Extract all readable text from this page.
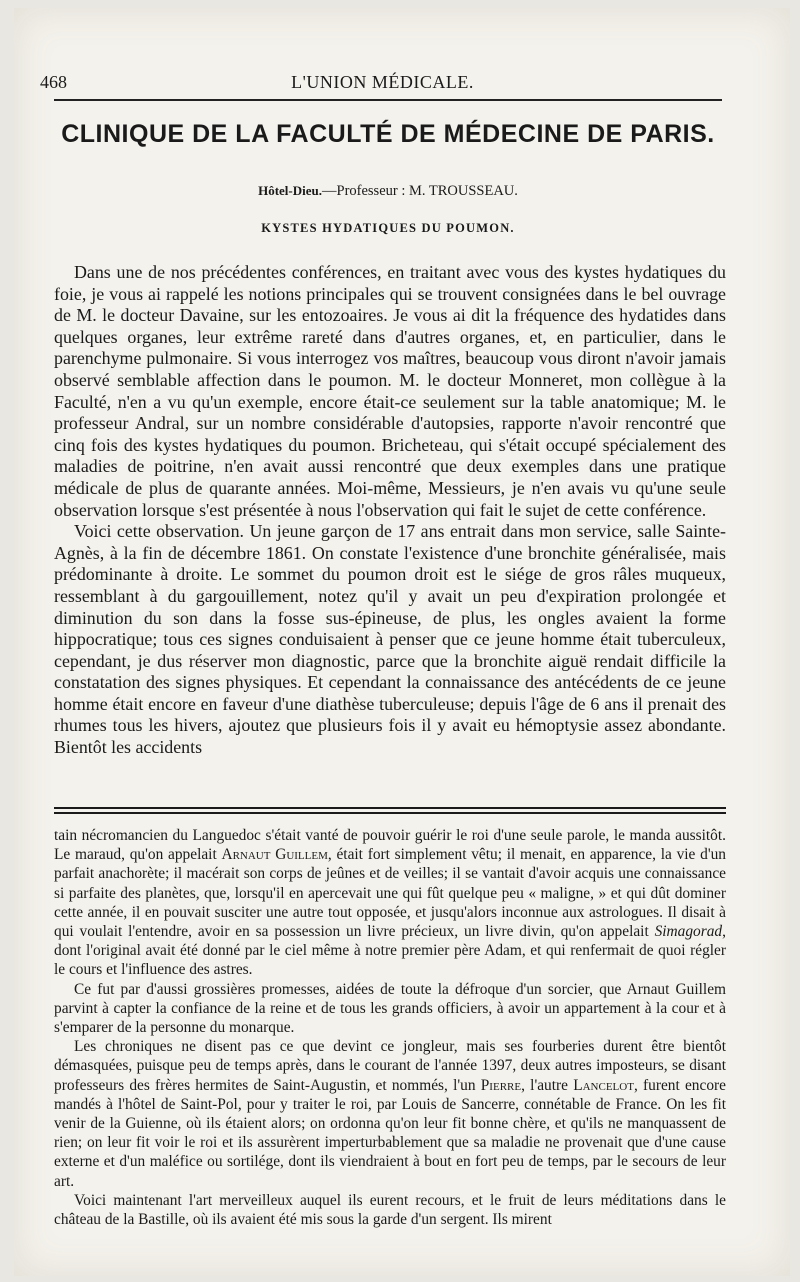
468	L'UNION MÉDICALE.
CLINIQUE DE LA FACULTÉ DE MÉDECINE DE PARIS.
Hôtel-Dieu.—Professeur : M. TROUSSEAU.
KYSTES HYDATIQUES DU POUMON.

Dans une de nos précédentes conférences, en traitant avec vous des kystes hydatiques du foie, je vous ai rappelé les notions principales qui se trouvent consignées dans le bel ouvrage de M. le docteur Davaine, sur les entozoaires. Je vous ai dit la fréquence des hydatides dans quelques organes, leur extrême rareté dans d'autres organes, et, en particulier, dans le parenchyme pulmonaire. Si vous interrogez vos maîtres, beaucoup vous diront n'avoir jamais observé semblable affection dans le poumon. M. le docteur Monneret, mon collègue à la Faculté, n'en a vu qu'un exemple, encore était-ce seulement sur la table anatomique; M. le professeur Andral, sur un nombre considérable d'autopsies, rapporte n'avoir rencontré que cinq fois des kystes hydatiques du poumon. Bricheteau, qui s'était occupé spécialement des maladies de poitrine, n'en avait aussi rencontré que deux exemples dans une pratique médicale de plus de quarante années. Moi-même, Messieurs, je n'en avais vu qu'une seule observation lorsque s'est présentée à nous l'observation qui fait le sujet de cette conférence.

Voici cette observation. Un jeune garçon de 17 ans entrait dans mon service, salle Sainte-Agnès, à la fin de décembre 1861. On constate l'existence d'une bronchite généralisée, mais prédominante à droite. Le sommet du poumon droit est le siége de gros râles muqueux, ressemblant à du gargouillement, notez qu'il y avait un peu d'expiration prolongée et diminution du son dans la fosse sus-épineuse, de plus, les ongles avaient la forme hippocratique; tous ces signes conduisaient à penser que ce jeune homme était tuberculeux, cependant, je dus réserver mon diagnostic, parce que la bronchite aiguë rendait difficile la constatation des signes physiques. Et cependant la connaissance des antécédents de ce jeune homme était encore en faveur d'une diathèse tuberculeuse; depuis l'âge de 6 ans il prenait des rhumes tous les hivers, ajoutez que plusieurs fois il y avait eu hémoptysie assez abondante. Bientôt les accidents

tain nécromancien du Languedoc s'était vanté de pouvoir guérir le roi d'une seule parole, le manda aussitôt. Le maraud, qu'on appelait Arnaut Guillem, était fort simplement vêtu; il menait, en apparence, la vie d'un parfait anachorète; il macérait son corps de jeûnes et de veilles; il se vantait d'avoir acquis une connaissance si parfaite des planètes, que, lorsqu'il en apercevait une qui fût quelque peu « maligne, » et qui dût dominer cette année, il en pouvait susciter une autre tout opposée, et jusqu'alors inconnue aux astrologues. Il disait à qui voulait l'entendre, avoir en sa possession un livre précieux, un livre divin, qu'on appelait Simagorad, dont l'original avait été donné par le ciel même à notre premier père Adam, et qui renfermait de quoi régler le cours et l'influence des astres.

Ce fut par d'aussi grossières promesses, aidées de toute la défroque d'un sorcier, que Arnaut Guillem parvint à capter la confiance de la reine et de tous les grands officiers, à avoir un appartement à la cour et à s'emparer de la personne du monarque.

Les chroniques ne disent pas ce que devint ce jongleur, mais ses fourberies durent être bientôt démasquées, puisque peu de temps après, dans le courant de l'année 1397, deux autres imposteurs, se disant professeurs des frères hermites de Saint-Augustin, et nommés, l'un Pierre, l'autre Lancelot, furent encore mandés à l'hôtel de Saint-Pol, pour y traiter le roi, par Louis de Sancerre, connétable de France. On les fit venir de la Guienne, où ils étaient alors; on ordonna qu'on leur fit bonne chère, et qu'ils ne manquassent de rien; on leur fit voir le roi et ils assurèrent imperturbablement que sa maladie ne provenait que d'une cause externe et d'un maléfice ou sortilége, dont ils viendraient à bout en fort peu de temps, par le secours de leur art.

Voici maintenant l'art merveilleux auquel ils eurent recours, et le fruit de leurs méditations dans le château de la Bastille, où ils avaient été mis sous la garde d'un sergent. Ils mirent
